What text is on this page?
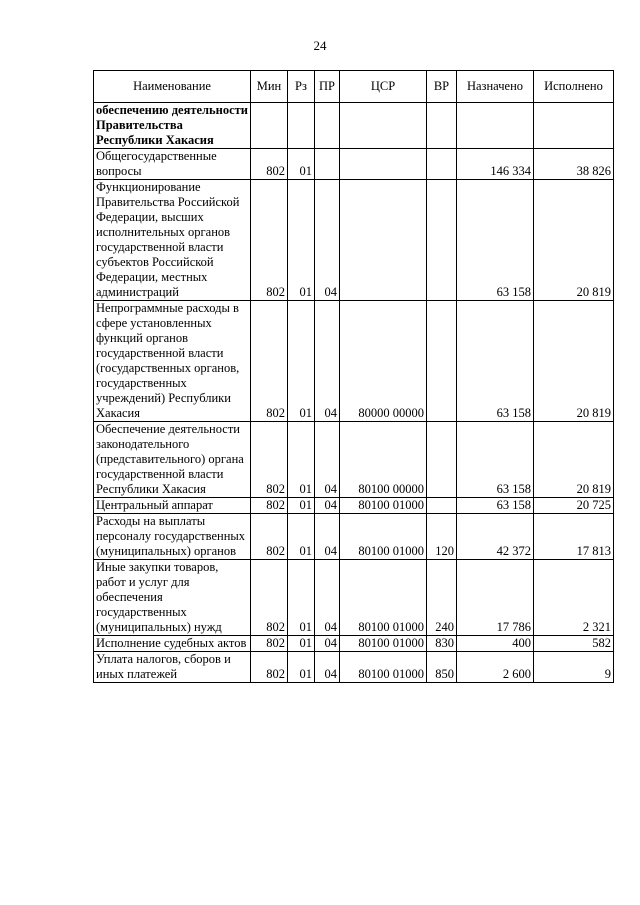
24
Наименование	Мин	Рз	ПР	ЦСР	ВР	Назначено	Исполнено
обеспечению деятельности Правительства Республики Хакасия							
Общегосударственные вопросы	802	01				146 334	38 826
Функционирование Правительства Российской Федерации, высших исполнительных органов государственной власти субъектов Российской Федерации, местных администраций	802	01	04			63 158	20 819
Непрограммные расходы в сфере установленных функций органов государственной власти (государственных органов, государственных учреждений) Республики Хакасия	802	01	04	80000 00000		63 158	20 819
Обеспечение деятельности законодательного (представительного) органа государственной власти Республики Хакасия	802	01	04	80100 00000		63 158	20 819
Центральный аппарат	802	01	04	80100 01000		63 158	20 725
Расходы на выплаты персоналу государственных (муниципальных) органов	802	01	04	80100 01000	120	42 372	17 813
Иные закупки товаров, работ и услуг для обеспечения государственных (муниципальных) нужд	802	01	04	80100 01000	240	17 786	2 321
Исполнение судебных актов	802	01	04	80100 01000	830	400	582
Уплата налогов, сборов и иных платежей	802	01	04	80100 01000	850	2 600	9
